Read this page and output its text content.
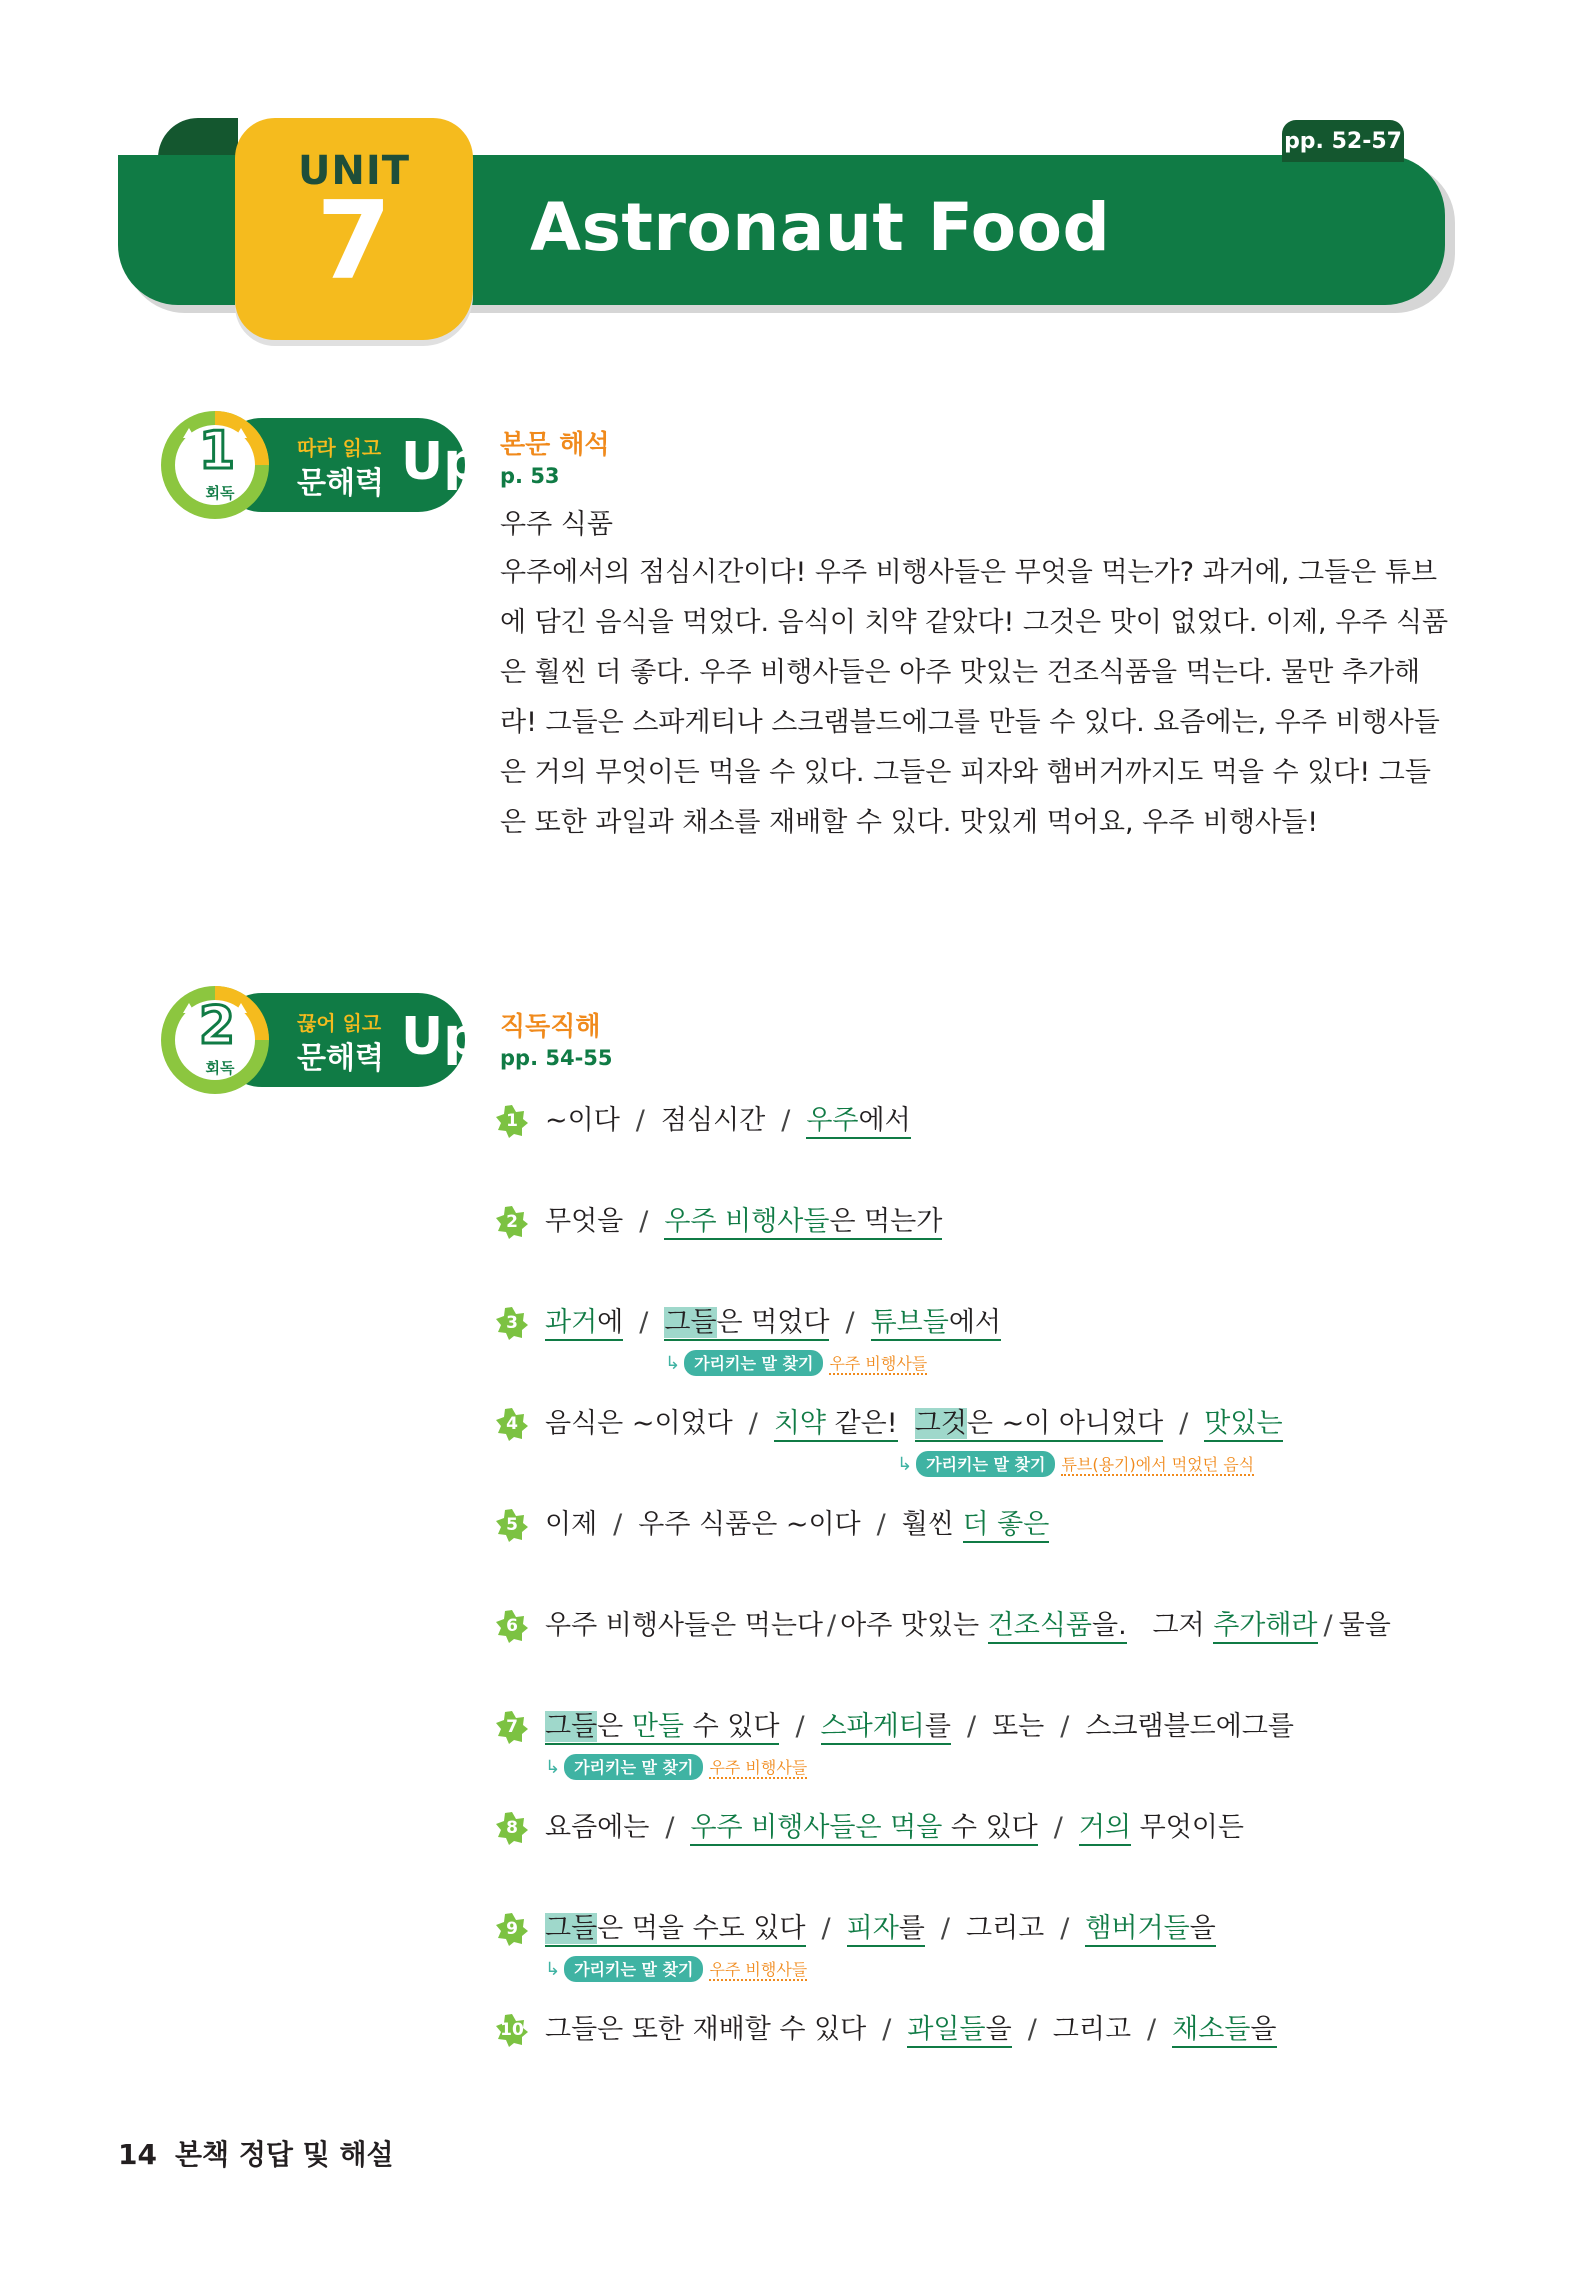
pp. 52-57
UNIT
7	Astronaut Food
1
회독
따라 읽고
문해력 Up 본문 해석
p. 53
우주 식품

우주에서의 점심시간이다! 우주 비행사들은 무엇을 먹는가? 과거에, 그들은 튜브

에 담긴 음식을 먹었다. 음식이 치약 같았다! 그것은 맛이 없었다. 이제, 우주 식품

은 훨씬 더 좋다. 우주 비행사들은 아주 맛있는 건조식품을 먹는다. 물만 추가해

라! 그들은 스파게티나 스크램블드에그를 만들 수 있다. 요즘에는, 우주 비행사들

은 거의 무엇이든 먹을 수 있다. 그들은 피자와 햄버거까지도 먹을 수 있다! 그들

은 또한 과일과 채소를 재배할 수 있다. 맛있게 먹어요, 우주 비행사들!

2
회독
끊어 읽고
문해력 Up 직독직해
pp. 54-55
1	~이다 / 점심시간 / 우주에서
2	무엇을 / 우주 비행사들은 먹는가
3	과거에 / 그들은 먹었다 / 튜브들에서
↳ 가리키는 말 찾기 우주 비행사들
4	음식은 ~이었다 / 치약 같은! 그것은 ~이 아니었다 / 맛있는
↳ 가리키는 말 찾기 튜브(용기)에서 먹었던 음식
5	이제 / 우주 식품은 ~이다 / 훨씬 더 좋은
6	우주 비행사들은 먹는다 / 아주 맛있는 건조식품을. 그저 추가해라 / 물을
7	그들은 만들 수 있다 / 스파게티를 / 또는 / 스크램블드에그를
↳ 가리키는 말 찾기 우주 비행사들
8	요즘에는 / 우주 비행사들은 먹을 수 있다 / 거의 무엇이든
9	그들은 먹을 수도 있다 / 피자를 / 그리고 / 햄버거들을
↳ 가리키는 말 찾기 우주 비행사들
10 그들은 또한 재배할 수 있다 / 과일들을 / 그리고 / 채소들을
14 본책 정답 및 해설
